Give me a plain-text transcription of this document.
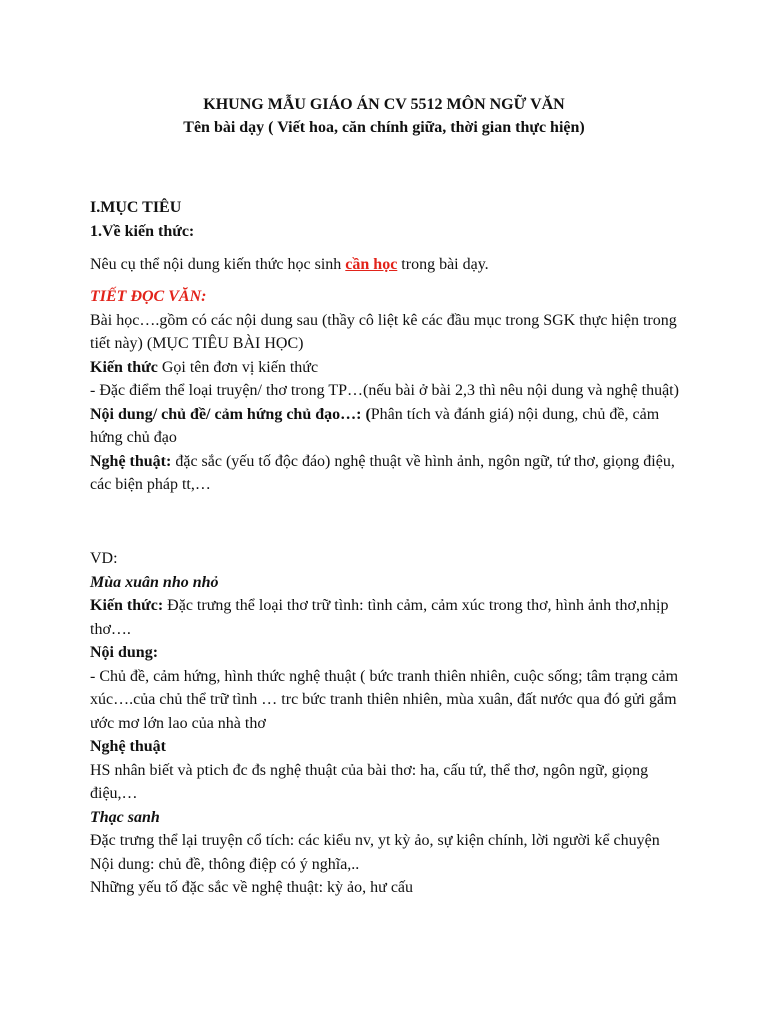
KHUNG MẪU GIÁO ÁN CV 5512 MÔN NGỮ VĂN
Tên bài dạy ( Viết hoa, căn chính giữa, thời gian thực hiện)
I.MỤC TIÊU
1.Về kiến thức:
Nêu cụ thể nội dung kiến thức học sinh cần học trong bài dạy.
TIẾT ĐỌC VĂN:
Bài học….gồm có các nội dung sau (thầy cô liệt kê các đầu mục trong SGK thực hiện trong tiết này) (MỤC TIÊU BÀI HỌC)
Kiến thức Gọi tên đơn vị kiến thức
- Đặc điểm thể loại truyện/ thơ trong TP…(nếu bài ở bài 2,3 thì nêu nội dung và nghệ thuật)
Nội dung/ chủ đề/ cảm hứng chủ đạo…: (Phân tích và đánh giá) nội dung, chủ đề, cảm hứng chủ đạo
Nghệ thuật: đặc sắc (yếu tố độc đáo) nghệ thuật về hình ảnh, ngôn ngữ, tứ thơ, giọng điệu, các biện pháp tt,…
VD:
Mùa xuân nho nhỏ
Kiến thức: Đặc trưng thể loại thơ trữ tình: tình cảm, cảm xúc trong thơ, hình ảnh thơ,nhịp thơ….
Nội dung:
- Chủ đề, cảm hứng, hình thức nghệ thuật ( bức tranh thiên nhiên, cuộc sống; tâm trạng cảm xúc….của chủ thể trữ tình … trc bức tranh thiên nhiên, mùa xuân, đất nước qua đó gửi gắm ước mơ lớn lao của nhà thơ
Nghệ thuật
HS nhân biết và ptich đc đs nghệ thuật của bài thơ: ha, cấu tứ, thể thơ, ngôn ngữ, giọng điệu,…
Thạc sanh
Đặc trưng thể lại truyện cổ tích: các kiểu nv, yt kỳ ảo, sự kiện chính, lời người kể chuyện
Nội dung: chủ đề, thông điệp có ý nghĩa,..
Những yếu tố đặc sắc về nghệ thuật: kỳ ảo, hư cấu
